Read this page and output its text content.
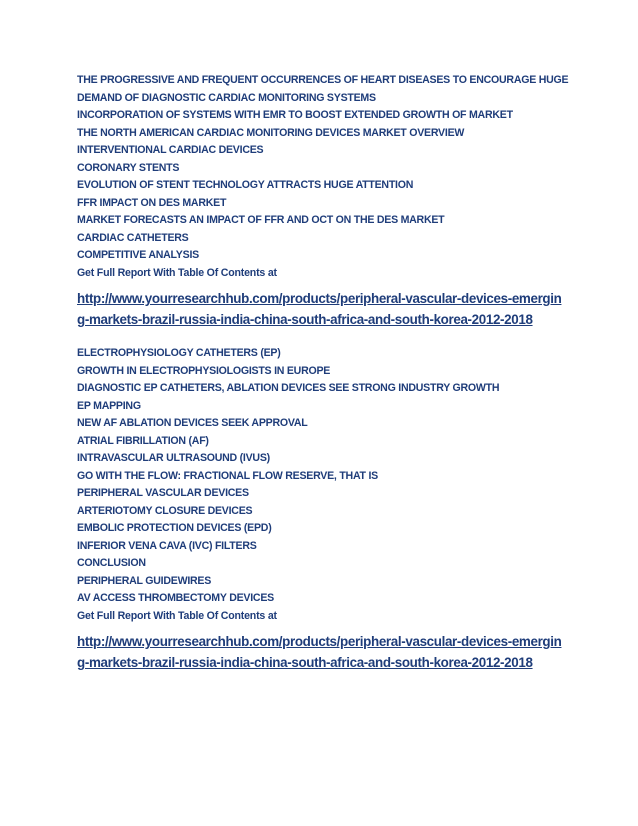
THE PROGRESSIVE AND FREQUENT OCCURRENCES OF HEART DISEASES TO ENCOURAGE HUGE DEMAND OF DIAGNOSTIC CARDIAC MONITORING SYSTEMS
INCORPORATION OF SYSTEMS WITH EMR TO BOOST EXTENDED GROWTH OF MARKET
THE NORTH AMERICAN CARDIAC MONITORING DEVICES MARKET OVERVIEW
INTERVENTIONAL CARDIAC DEVICES
CORONARY STENTS
EVOLUTION OF STENT TECHNOLOGY ATTRACTS HUGE ATTENTION
FFR IMPACT ON DES MARKET
MARKET FORECASTS AN IMPACT OF FFR AND OCT ON THE DES MARKET
CARDIAC CATHETERS
COMPETITIVE ANALYSIS
Get Full Report With Table Of Contents at
http://www.yourresearchhub.com/products/peripheral-vascular-devices-emerging-markets-brazil-russia-india-china-south-africa-and-south-korea-2012-2018
ELECTROPHYSIOLOGY CATHETERS (EP)
GROWTH IN ELECTROPHYSIOLOGISTS IN EUROPE
DIAGNOSTIC EP CATHETERS, ABLATION DEVICES SEE STRONG INDUSTRY GROWTH
EP MAPPING
NEW AF ABLATION DEVICES SEEK APPROVAL
ATRIAL FIBRILLATION (AF)
INTRAVASCULAR ULTRASOUND (IVUS)
GO WITH THE FLOW: FRACTIONAL FLOW RESERVE, THAT IS
PERIPHERAL VASCULAR DEVICES
ARTERIOTOMY CLOSURE DEVICES
EMBOLIC PROTECTION DEVICES (EPD)
INFERIOR VENA CAVA (IVC) FILTERS
CONCLUSION
PERIPHERAL GUIDEWIRES
AV ACCESS THROMBECTOMY DEVICES
Get Full Report With Table Of Contents at
http://www.yourresearchhub.com/products/peripheral-vascular-devices-emerging-markets-brazil-russia-india-china-south-africa-and-south-korea-2012-2018
